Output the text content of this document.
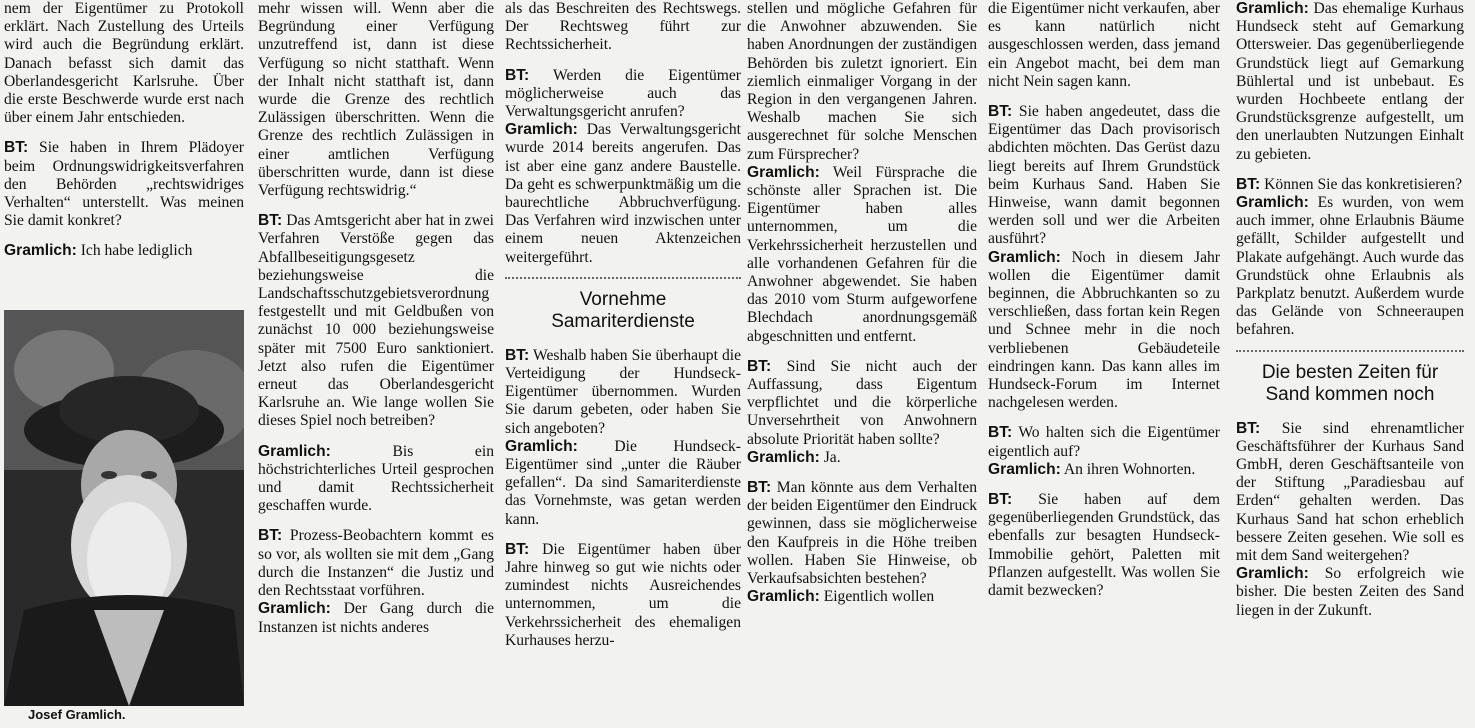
nem der Eigentümer zu Protokoll erklärt. Nach Zustellung des Urteils wird auch die Begründung erklärt. Danach befasst sich damit das Oberlandesgericht Karlsruhe. Über die erste Beschwerde wurde erst nach über einem Jahr entschieden.

BT: Sie haben in Ihrem Plädoyer beim Ordnungswidrigkeitsverfahren den Behörden „rechtswidriges Verhalten“ unterstellt. Was meinen Sie damit konkret?

Gramlich: Ich habe lediglich

Josef Gramlich.

mehr wissen will. Wenn aber die Begründung einer Verfügung unzutreffend ist, dann ist diese Verfügung so nicht statthaft. Wenn der Inhalt nicht statthaft ist, dann wurde die Grenze des rechtlich Zulässigen überschritten. Wenn die Grenze des rechtlich Zulässigen in einer amtlichen Verfügung überschritten wurde, dann ist diese Verfügung rechtswidrig.“

BT: Das Amtsgericht aber hat in zwei Verfahren Verstöße gegen das Abfallbeseitigungsgesetz beziehungsweise die Landschaftsschutzgebietsverordnung festgestellt und mit Geldbußen von zunächst 10 000 beziehungsweise später mit 7500 Euro sanktioniert. Jetzt also rufen die Eigentümer erneut das Oberlandesgericht Karlsruhe an. Wie lange wollen Sie dieses Spiel noch betreiben?

Gramlich:	Bis ein höchstrichterliches Urteil gesprochen und damit Rechtssicherheit geschaffen wurde.

BT: Prozess-Beobachtern kommt es so vor, als wollten sie mit dem „Gang durch die Instanzen“ die Justiz und den Rechtsstaat vorführen.

Gramlich: Der Gang durch die Instanzen ist nichts anderes

als das Beschreiten des Rechtswegs. Der Rechtsweg führt zur Rechtssicherheit.

BT: Werden die Eigentümer möglicherweise auch das Verwaltungsgericht anrufen?

Gramlich: Das Verwaltungsgericht wurde 2014 bereits angerufen. Das ist aber eine ganz andere Baustelle. Da geht es schwerpunktmäßig um die baurechtliche Abbruchverfügung. Das Verfahren wird inzwischen unter einem neuen Aktenzeichen weitergeführt.

Vornehme
Samariterdienste

BT: Weshalb haben Sie überhaupt die Verteidigung der Hundseck-Eigentümer übernommen. Wurden Sie darum gebeten, oder haben Sie sich angeboten?

Gramlich: Die Hundseck-Eigentümer sind „unter die Räuber gefallen“. Da sind Samariterdienste das Vornehmste, was getan werden kann.

BT: Die Eigentümer haben über Jahre hinweg so gut wie nichts oder zumindest nichts Ausreichendes unternommen, um die Verkehrssicherheit des ehemaligen Kurhauses herzu-

stellen und mögliche Gefahren für die Anwohner abzuwenden. Sie haben Anordnungen der zuständigen Behörden bis zuletzt ignoriert. Ein ziemlich einmaliger Vorgang in der Region in den vergangenen Jahren. Weshalb machen Sie sich ausgerechnet für solche Menschen zum Fürsprecher?

Gramlich: Weil Fürsprache die schönste aller Sprachen ist. Die Eigentümer haben alles unternommen, um die Verkehrssicherheit herzustellen und alle vorhandenen Gefahren für die Anwohner abgewendet. Sie haben das 2010 vom Sturm aufgeworfene Blechdach anordnungsgemäß abgeschnitten und entfernt.

BT: Sind Sie nicht auch der Auffassung, dass Eigentum verpflichtet und die körperliche Unversehrtheit von Anwohnern absolute Priorität haben sollte?

Gramlich: Ja.

BT: Man könnte aus dem Verhalten der beiden Eigentümer den Eindruck gewinnen, dass sie möglicherweise den Kaufpreis in die Höhe treiben wollen. Haben Sie Hinweise, ob Verkaufsabsichten bestehen?

Gramlich: Eigentlich wollen

die Eigentümer nicht verkaufen, aber es kann natürlich nicht ausgeschlossen werden, dass jemand ein Angebot macht, bei dem man nicht Nein sagen kann.

BT: Sie haben angedeutet, dass die Eigentümer das Dach provisorisch abdichten möchten. Das Gerüst dazu liegt bereits auf Ihrem Grundstück beim Kurhaus Sand. Haben Sie Hinweise, wann damit begonnen werden soll und wer die Arbeiten ausführt?

Gramlich: Noch in diesem Jahr wollen die Eigentümer damit beginnen, die Abbruchkanten so zu verschließen, dass fortan kein Regen und Schnee mehr in die noch verbliebenen Gebäudeteile eindringen kann. Das kann alles im Hundseck-Forum im Internet nachgelesen werden.

BT: Wo halten sich die Eigentümer eigentlich auf?

Gramlich: An ihren Wohnorten.

BT: Sie haben auf dem gegenüberliegenden Grundstück, das ebenfalls zur besagten Hundseck-Immobilie gehört, Paletten mit Pflanzen aufgestellt. Was wollen Sie damit bezwecken?

Gramlich: Das ehemalige Kurhaus Hundseck steht auf Gemarkung Ottersweier. Das gegenüberliegende Grundstück liegt auf Gemarkung Bühlertal und ist unbebaut. Es wurden Hochbeete entlang der Grundstücksgrenze aufgestellt, um den unerlaubten Nutzungen Einhalt zu gebieten.

BT: Können Sie das konkretisieren?

Gramlich: Es wurden, von wem auch immer, ohne Erlaubnis Bäume gefällt, Schilder aufgestellt und Plakate aufgehängt. Auch wurde das Grundstück ohne Erlaubnis als Parkplatz benutzt. Außerdem wurde das Gelände von Schneeraupen befahren.

Die besten Zeiten für
Sand kommen noch

BT: Sie sind ehrenamtlicher Geschäftsführer der Kurhaus Sand GmbH, deren Geschäftsanteile von der Stiftung „Paradiesbau auf Erden“ gehalten werden. Das Kurhaus Sand hat schon erheblich bessere Zeiten gesehen. Wie soll es mit dem Sand weitergehen?

Gramlich: So erfolgreich wie bisher. Die besten Zeiten des Sand liegen in der Zukunft.
